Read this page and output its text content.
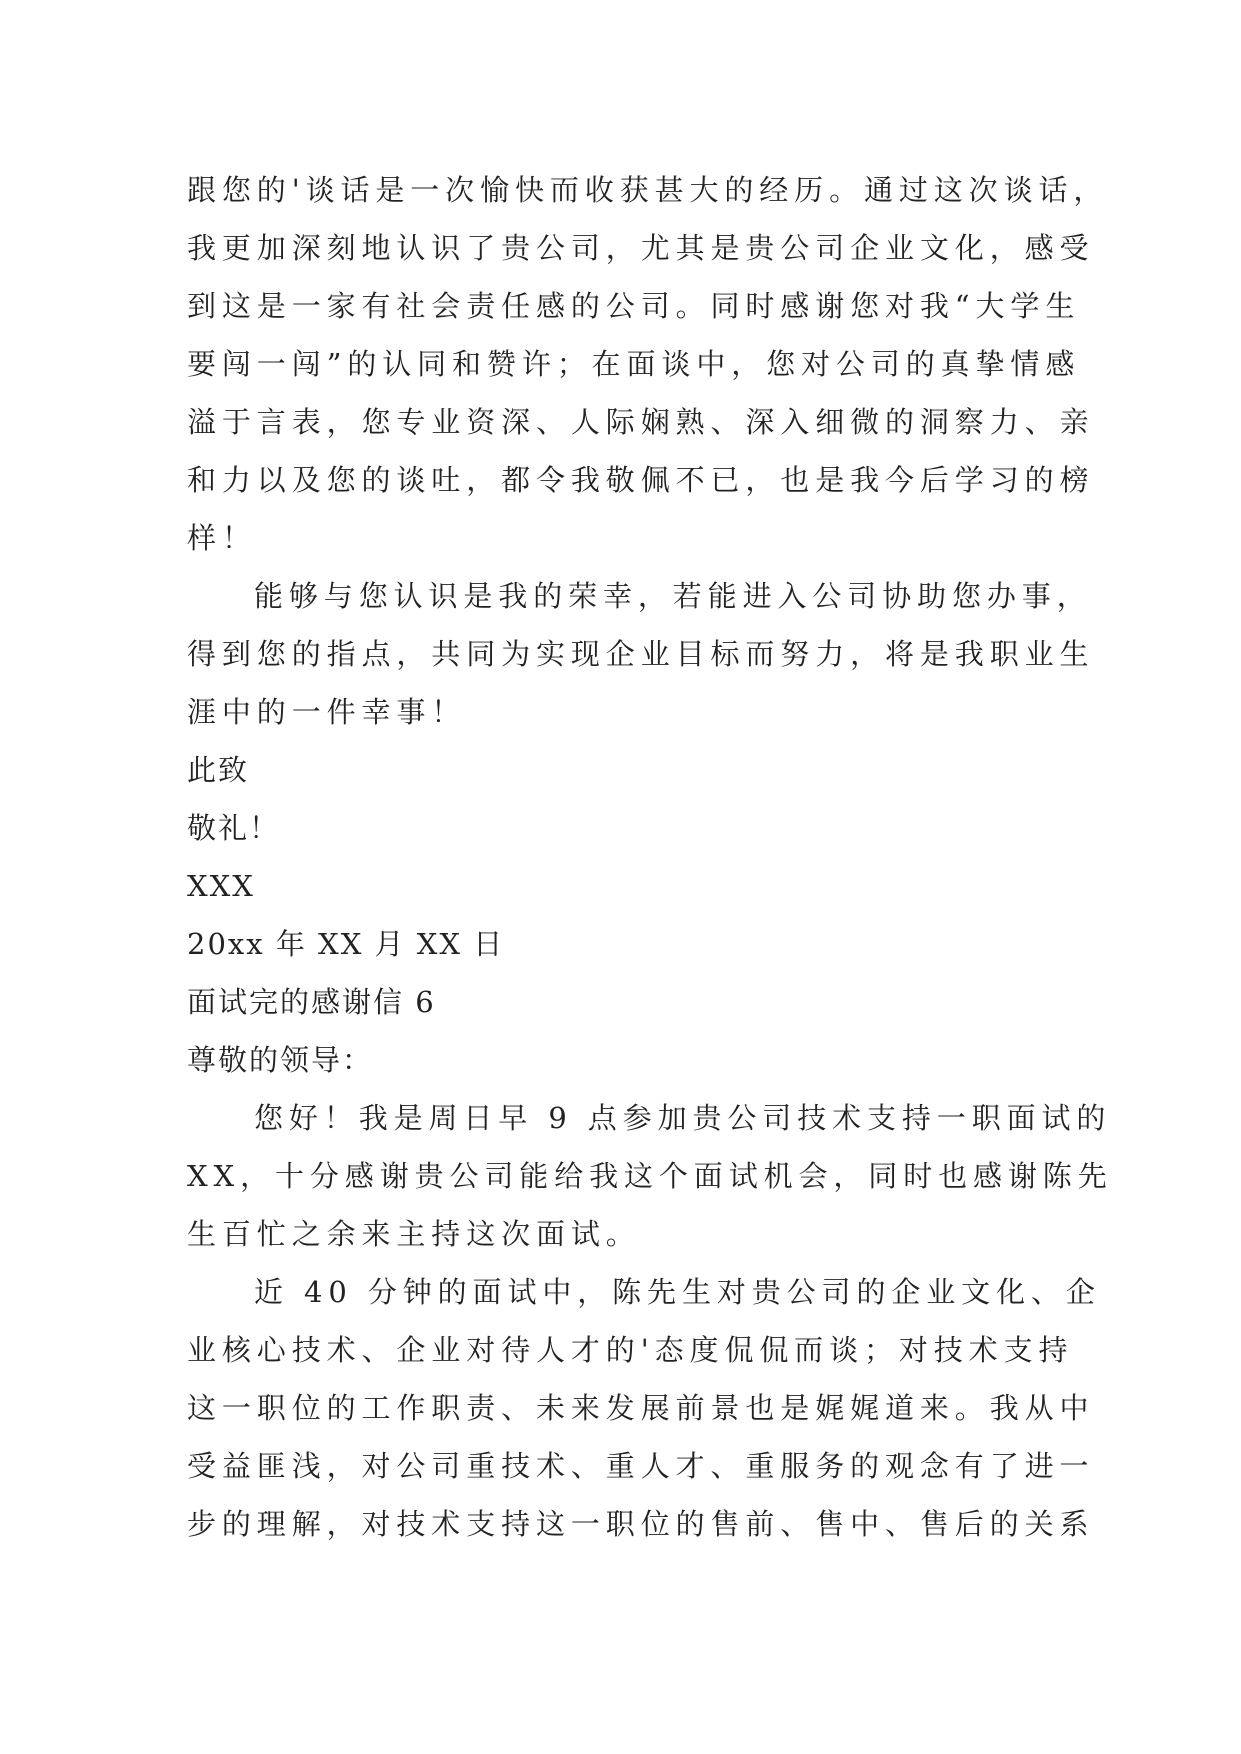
跟您的'谈话是一次愉快而收获甚大的经历。通过这次谈话，
我更加深刻地认识了贵公司，尤其是贵公司企业文化，感受
到这是一家有社会责任感的公司。同时感谢您对我“大学生
要闯一闯”的认同和赞许；在面谈中，您对公司的真挚情感
溢于言表，您专业资深、人际娴熟、深入细微的洞察力、亲
和力以及您的谈吐，都令我敬佩不已，也是我今后学习的榜
样！
能够与您认识是我的荣幸，若能进入公司协助您办事，
得到您的指点，共同为实现企业目标而努力，将是我职业生
涯中的一件幸事！
此致
敬礼！
XXX
20xx 年 XX 月 XX 日
面试完的感谢信 6
尊敬的领导：
您好！我是周日早 9 点参加贵公司技术支持一职面试的
XX，十分感谢贵公司能给我这个面试机会，同时也感谢陈先
生百忙之余来主持这次面试。
近 40 分钟的面试中，陈先生对贵公司的企业文化、企
业核心技术、企业对待人才的'态度侃侃而谈；对技术支持
这一职位的工作职责、未来发展前景也是娓娓道来。我从中
受益匪浅，对公司重技术、重人才、重服务的观念有了进一
步的理解，对技术支持这一职位的售前、售中、售后的关系
